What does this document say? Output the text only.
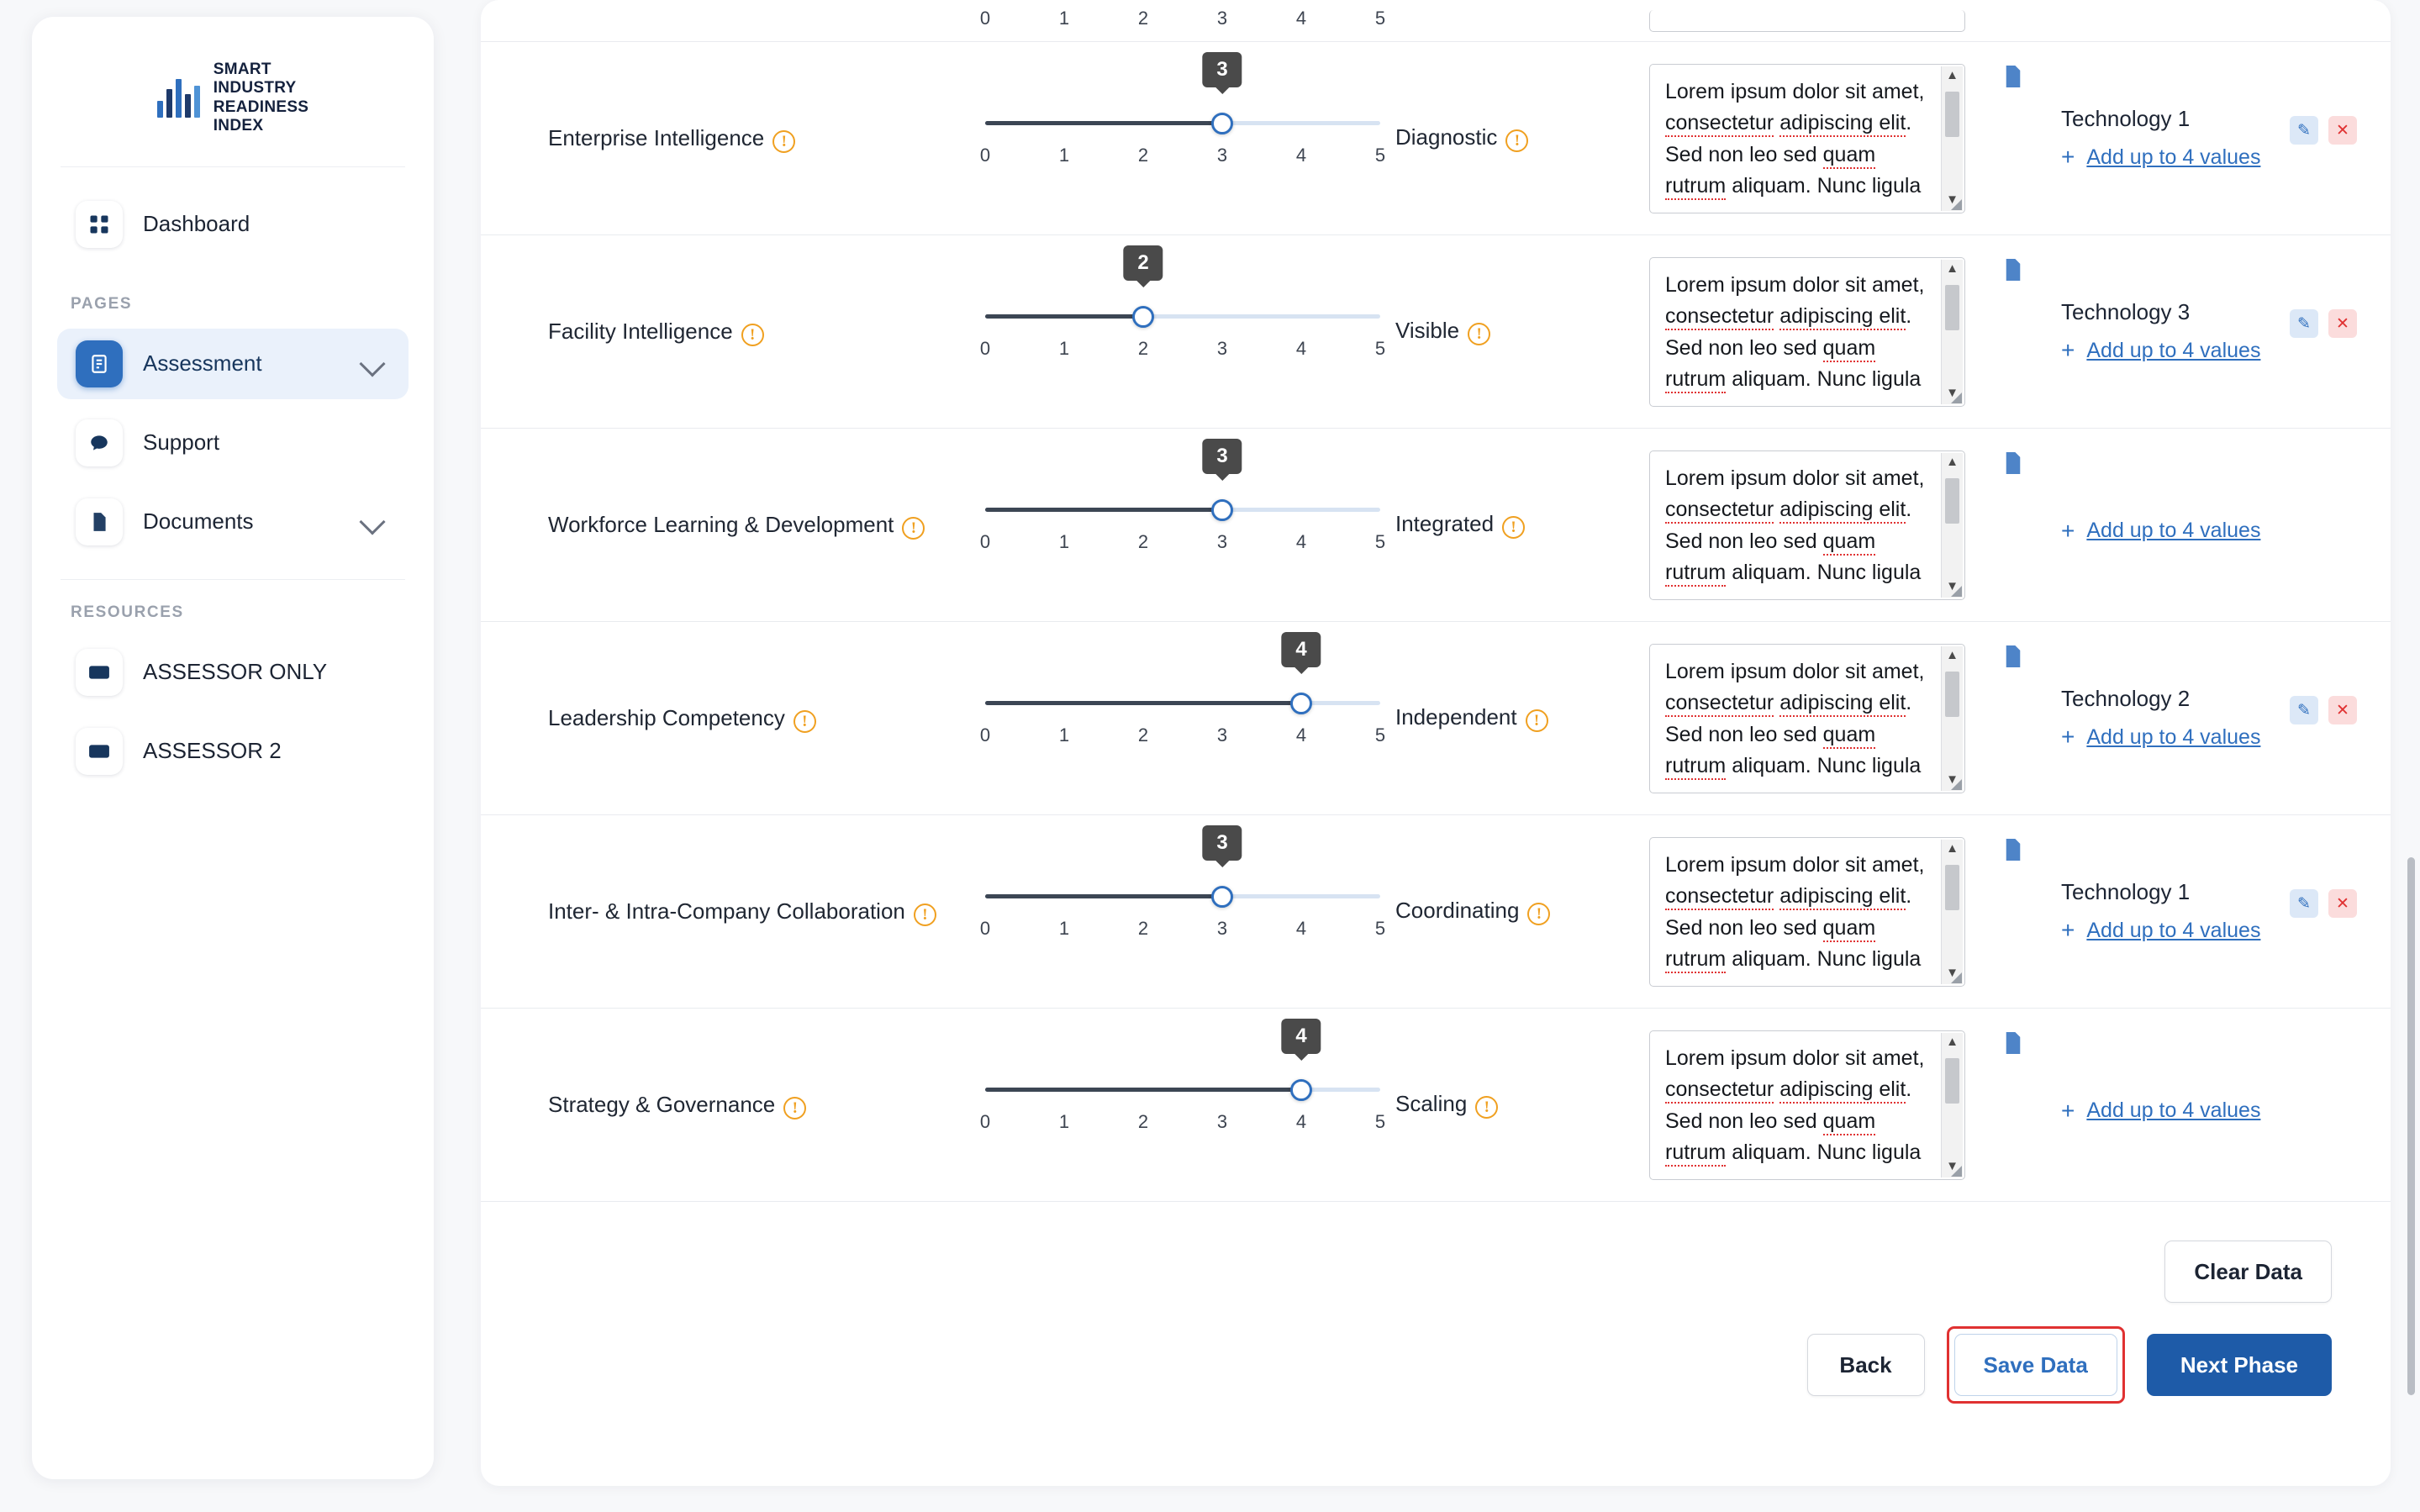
SMART
INDUSTRY
READINESS
INDEX
Dashboard
PAGES
Assessment
Support
Documents
RESOURCES
ASSESSOR ONLY
ASSESSOR 2
0	1	2	3	4	5
Enterprise Intelligence !
3
0	1	2	3	4	5
Diagnostic !
Lorem ipsum dolor sit amet, consectetur adipiscing elit. Sed non leo sed quam rutrum aliquam. Nunc ligula
▲
▼
Technology 1
+ Add up to 4 values
✎	✕
Facility Intelligence !
2
0	1	2	3	4	5
Visible !
Lorem ipsum dolor sit amet, consectetur adipiscing elit. Sed non leo sed quam rutrum aliquam. Nunc ligula
▲
▼
Technology 3
+ Add up to 4 values
✎	✕
Workforce Learning & Development !
3
0	1	2	3	4	5
Integrated !
Lorem ipsum dolor sit amet, consectetur adipiscing elit. Sed non leo sed quam rutrum aliquam. Nunc ligula
▲
▼
+ Add up to 4 values
Leadership Competency !
4
0	1	2	3	4	5
Independent !
Lorem ipsum dolor sit amet, consectetur adipiscing elit. Sed non leo sed quam rutrum aliquam. Nunc ligula
▲
▼
Technology 2
+ Add up to 4 values
✎	✕
Inter- & Intra-Company Collaboration !
3
0	1	2	3	4	5
Coordinating !
Lorem ipsum dolor sit amet, consectetur adipiscing elit. Sed non leo sed quam rutrum aliquam. Nunc ligula
▲
▼
Technology 1
+ Add up to 4 values
✎	✕
Strategy & Governance !
4
0	1	2	3	4	5
Scaling !
Lorem ipsum dolor sit amet, consectetur adipiscing elit. Sed non leo sed quam rutrum aliquam. Nunc ligula
▲
▼
+ Add up to 4 values
Clear Data
Back	Save Data	Next Phase
